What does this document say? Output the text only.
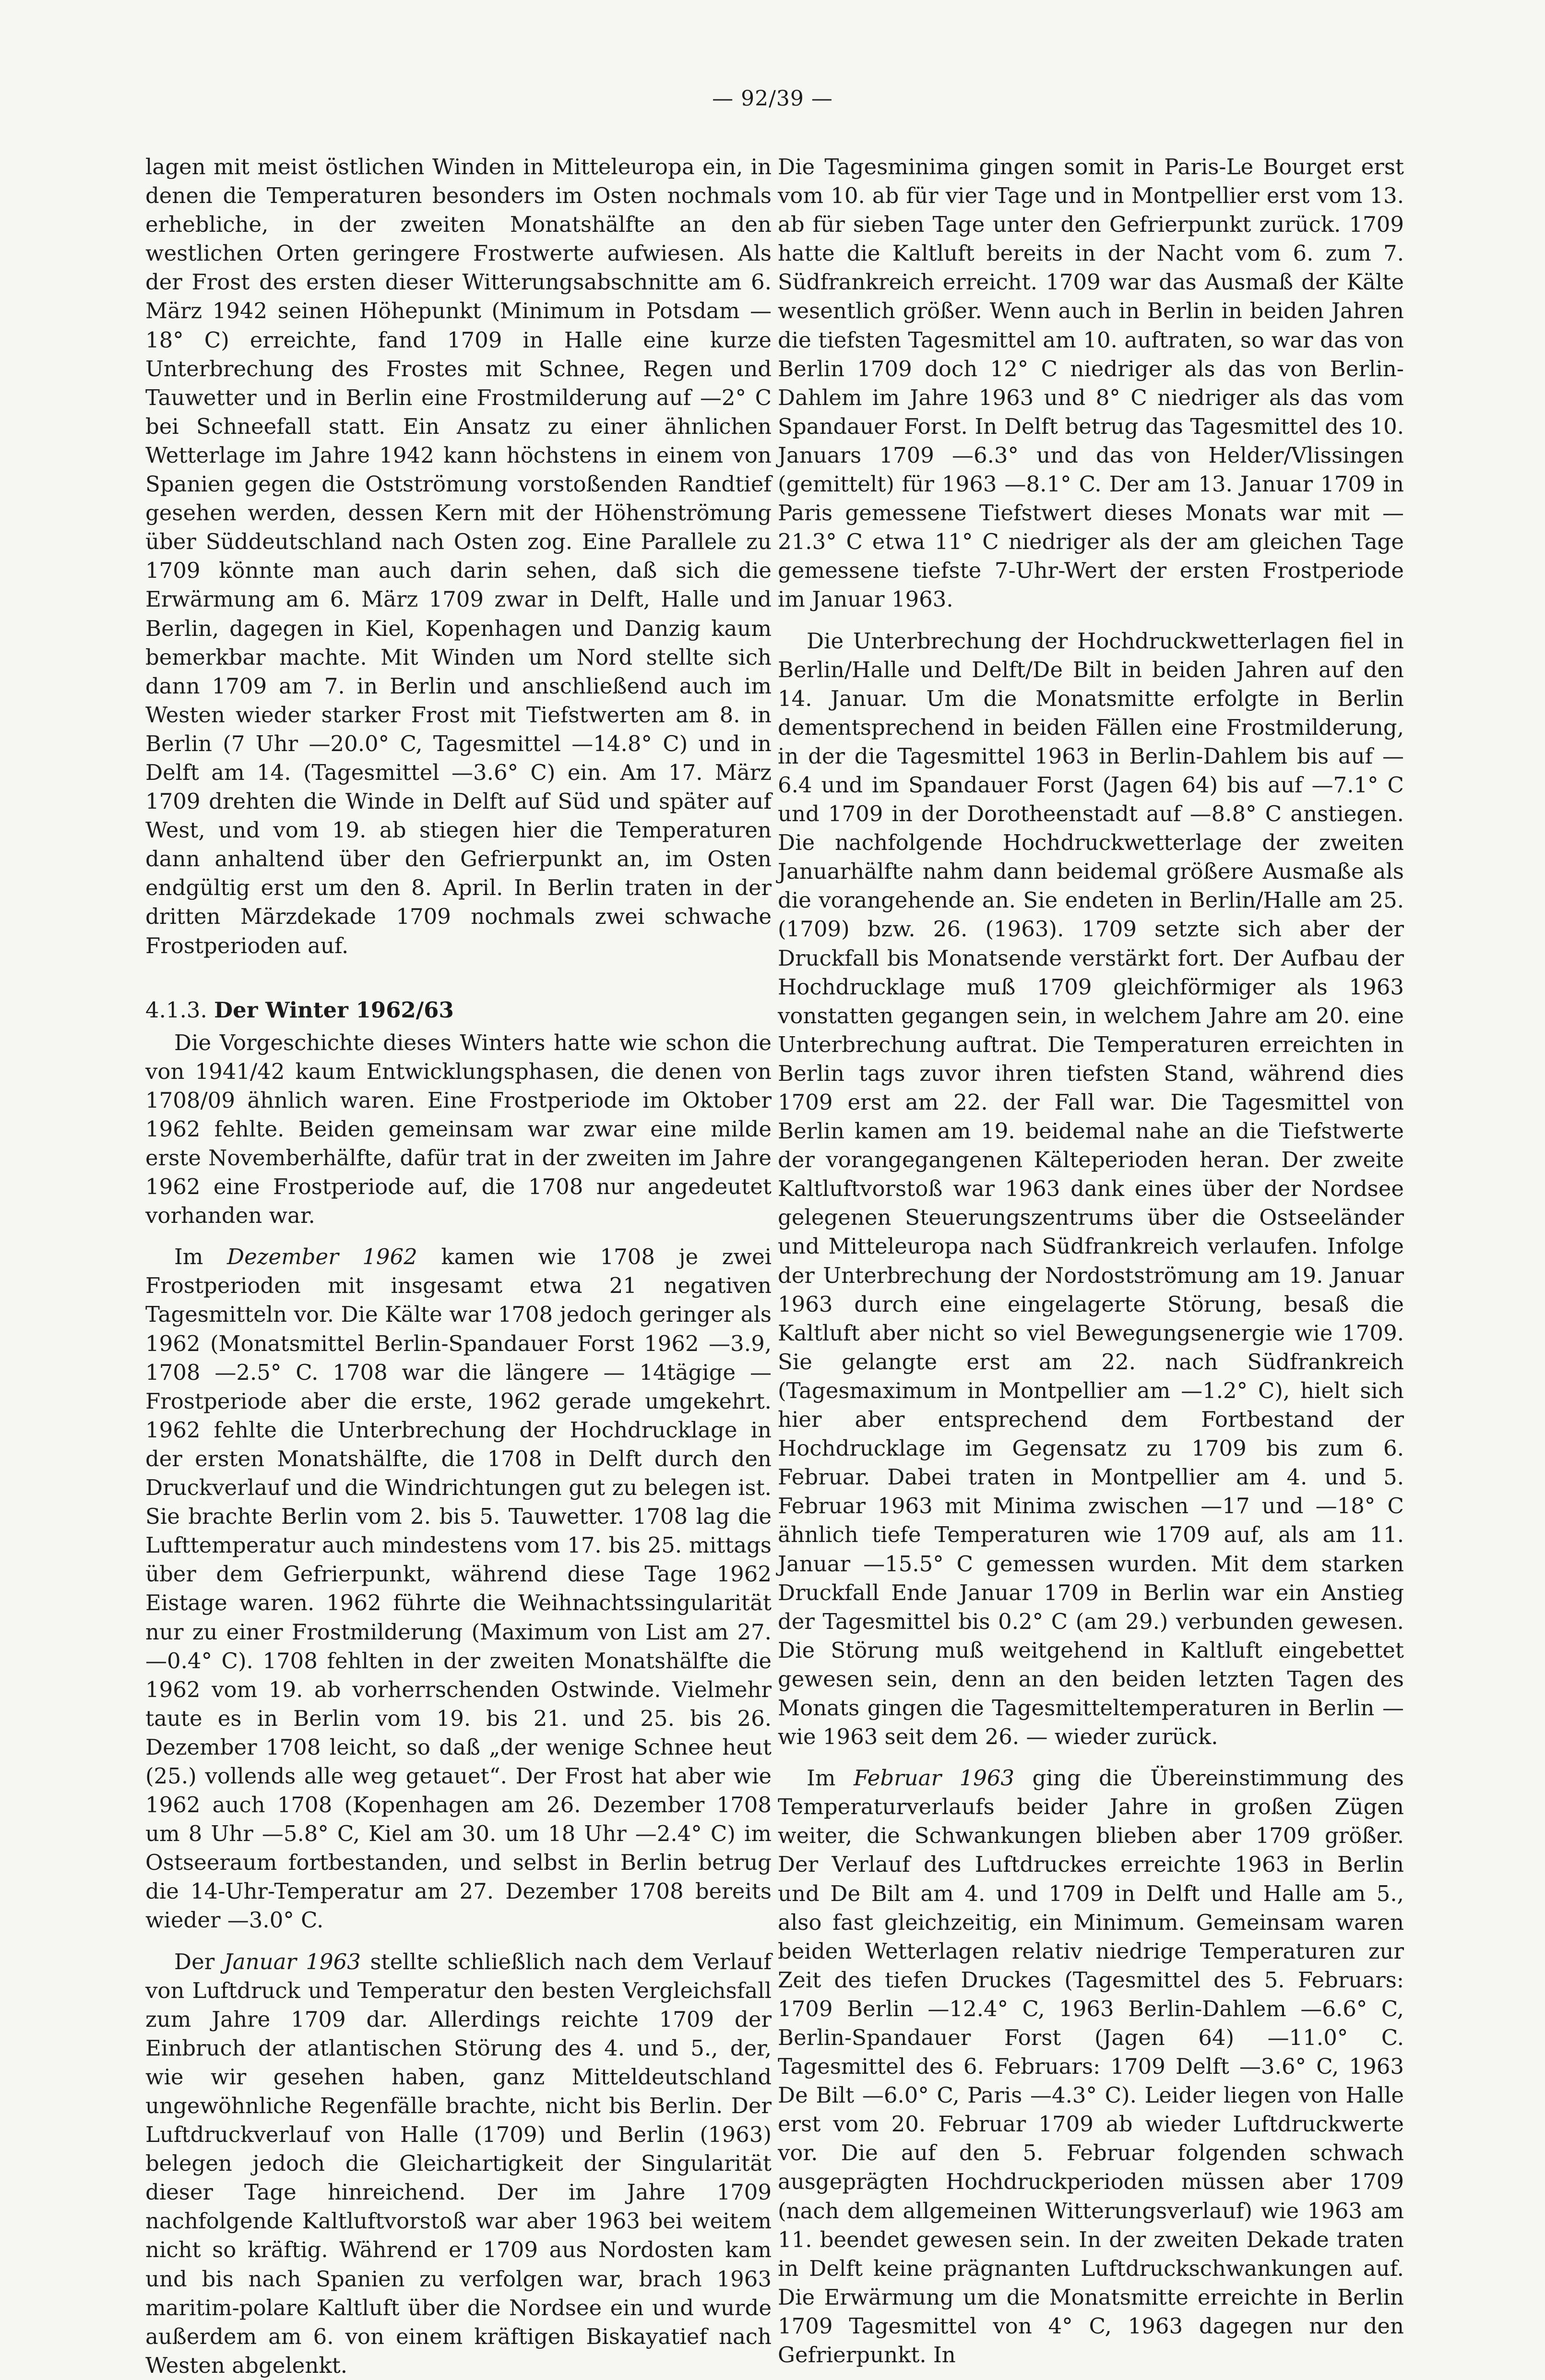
— 92/39 —

lagen mit meist östlichen Winden in Mitteleuropa ein, in denen die Temperaturen besonders im Osten nochmals erhebliche, in der zweiten Monatshälfte an den westlichen Orten geringere Frostwerte aufwiesen. Als der Frost des ersten dieser Witterungsabschnitte am 6. März 1942 seinen Höhepunkt (Minimum in Potsdam —18° C) erreichte, fand 1709 in Halle eine kurze Unterbrechung des Frostes mit Schnee, Regen und Tauwetter und in Berlin eine Frostmilderung auf —2° C bei Schneefall statt. Ein Ansatz zu einer ähnlichen Wetterlage im Jahre 1942 kann höchstens in einem von Spanien gegen die Ostströmung vorstoßenden Randtief gesehen werden, dessen Kern mit der Höhenströmung über Süddeutschland nach Osten zog. Eine Parallele zu 1709 könnte man auch darin sehen, daß sich die Erwärmung am 6. März 1709 zwar in Delft, Halle und Berlin, dagegen in Kiel, Kopenhagen und Danzig kaum bemerkbar machte. Mit Winden um Nord stellte sich dann 1709 am 7. in Berlin und anschließend auch im Westen wieder starker Frost mit Tiefstwerten am 8. in Berlin (7 Uhr —20.0° C, Tagesmittel —14.8° C) und in Delft am 14. (Tagesmittel —3.6° C) ein. Am 17. März 1709 drehten die Winde in Delft auf Süd und später auf West, und vom 19. ab stiegen hier die Temperaturen dann anhaltend über den Gefrierpunkt an, im Osten endgültig erst um den 8. April. In Berlin traten in der dritten Märzdekade 1709 nochmals zwei schwache Frostperioden auf.

4.1.3. Der Winter 1962/63

Die Vorgeschichte dieses Winters hatte wie schon die von 1941/42 kaum Entwicklungsphasen, die denen von 1708/09 ähnlich waren. Eine Frostperiode im Oktober 1962 fehlte. Beiden gemeinsam war zwar eine milde erste Novemberhälfte, dafür trat in der zweiten im Jahre 1962 eine Frostperiode auf, die 1708 nur angedeutet vorhanden war.

Im Dezember 1962 kamen wie 1708 je zwei Frostperioden mit insgesamt etwa 21 negativen Tagesmitteln vor. Die Kälte war 1708 jedoch geringer als 1962 (Monatsmittel Berlin-Spandauer Forst 1962 —3.9, 1708 —2.5° C. 1708 war die längere — 14tägige — Frostperiode aber die erste, 1962 gerade umgekehrt. 1962 fehlte die Unterbrechung der Hochdrucklage in der ersten Monatshälfte, die 1708 in Delft durch den Druckverlauf und die Windrichtungen gut zu belegen ist. Sie brachte Berlin vom 2. bis 5. Tauwetter. 1708 lag die Lufttemperatur auch mindestens vom 17. bis 25. mittags über dem Gefrierpunkt, während diese Tage 1962 Eistage waren. 1962 führte die Weihnachtssingularität nur zu einer Frostmilderung (Maximum von List am 27. —0.4° C). 1708 fehlten in der zweiten Monatshälfte die 1962 vom 19. ab vorherrschenden Ostwinde. Vielmehr taute es in Berlin vom 19. bis 21. und 25. bis 26. Dezember 1708 leicht, so daß „der wenige Schnee heut (25.) vollends alle weg getauet“. Der Frost hat aber wie 1962 auch 1708 (Kopenhagen am 26. Dezember 1708 um 8 Uhr —5.8° C, Kiel am 30. um 18 Uhr —2.4° C) im Ostseeraum fortbestanden, und selbst in Berlin betrug die 14-Uhr-Temperatur am 27. Dezember 1708 bereits wieder —3.0° C.

Der Januar 1963 stellte schließlich nach dem Verlauf von Luftdruck und Temperatur den besten Vergleichsfall zum Jahre 1709 dar. Allerdings reichte 1709 der Einbruch der atlantischen Störung des 4. und 5., der, wie wir gesehen haben, ganz Mitteldeutschland ungewöhnliche Regenfälle brachte, nicht bis Berlin. Der Luftdruckverlauf von Halle (1709) und Berlin (1963) belegen jedoch die Gleichartigkeit der Singularität dieser Tage hinreichend. Der im Jahre 1709 nachfolgende Kaltluftvorstoß war aber 1963 bei weitem nicht so kräftig. Während er 1709 aus Nordosten kam und bis nach Spanien zu verfolgen war, brach 1963 maritim-polare Kaltluft über die Nordsee ein und wurde außerdem am 6. von einem kräftigen Biskayatief nach Westen abgelenkt.

Die Tagesminima gingen somit in Paris-Le Bourget erst vom 10. ab für vier Tage und in Montpellier erst vom 13. ab für sieben Tage unter den Gefrierpunkt zurück. 1709 hatte die Kaltluft bereits in der Nacht vom 6. zum 7. Südfrankreich erreicht. 1709 war das Ausmaß der Kälte wesentlich größer. Wenn auch in Berlin in beiden Jahren die tiefsten Tagesmittel am 10. auftraten, so war das von Berlin 1709 doch 12° C niedriger als das von Berlin-Dahlem im Jahre 1963 und 8° C niedriger als das vom Spandauer Forst. In Delft betrug das Tagesmittel des 10. Januars 1709 —6.3° und das von Helder/Vlissingen (gemittelt) für 1963 —8.1° C. Der am 13. Januar 1709 in Paris gemessene Tiefstwert dieses Monats war mit —21.3° C etwa 11° C niedriger als der am gleichen Tage gemessene tiefste 7-Uhr-Wert der ersten Frostperiode im Januar 1963.

Die Unterbrechung der Hochdruckwetterlagen fiel in Berlin/Halle und Delft/De Bilt in beiden Jahren auf den 14. Januar. Um die Monatsmitte erfolgte in Berlin dementsprechend in beiden Fällen eine Frostmilderung, in der die Tagesmittel 1963 in Berlin-Dahlem bis auf —6.4 und im Spandauer Forst (Jagen 64) bis auf —7.1° C und 1709 in der Dorotheenstadt auf —8.8° C anstiegen. Die nachfolgende Hochdruckwetterlage der zweiten Januarhälfte nahm dann beidemal größere Ausmaße als die vorangehende an. Sie endeten in Berlin/Halle am 25. (1709) bzw. 26. (1963). 1709 setzte sich aber der Druckfall bis Monatsende verstärkt fort. Der Aufbau der Hochdrucklage muß 1709 gleichförmiger als 1963 vonstatten gegangen sein, in welchem Jahre am 20. eine Unterbrechung auftrat. Die Temperaturen erreichten in Berlin tags zuvor ihren tiefsten Stand, während dies 1709 erst am 22. der Fall war. Die Tagesmittel von Berlin kamen am 19. beidemal nahe an die Tiefstwerte der vorangegangenen Kälteperioden heran. Der zweite Kaltluftvorstoß war 1963 dank eines über der Nordsee gelegenen Steuerungszentrums über die Ostseeländer und Mitteleuropa nach Südfrankreich verlaufen. Infolge der Unterbrechung der Nordostströmung am 19. Januar 1963 durch eine eingelagerte Störung, besaß die Kaltluft aber nicht so viel Bewegungsenergie wie 1709. Sie gelangte erst am 22. nach Südfrankreich (Tagesmaximum in Montpellier am —1.2° C), hielt sich hier aber entsprechend dem Fortbestand der Hochdrucklage im Gegensatz zu 1709 bis zum 6. Februar. Dabei traten in Montpellier am 4. und 5. Februar 1963 mit Minima zwischen —17 und —18° C ähnlich tiefe Temperaturen wie 1709 auf, als am 11. Januar —15.5° C gemessen wurden. Mit dem starken Druckfall Ende Januar 1709 in Berlin war ein Anstieg der Tagesmittel bis 0.2° C (am 29.) verbunden gewesen. Die Störung muß weitgehend in Kaltluft eingebettet gewesen sein, denn an den beiden letzten Tagen des Monats gingen die Tagesmitteltemperaturen in Berlin — wie 1963 seit dem 26. — wieder zurück.

Im Februar 1963 ging die Übereinstimmung des Temperaturverlaufs beider Jahre in großen Zügen weiter, die Schwankungen blieben aber 1709 größer. Der Verlauf des Luftdruckes erreichte 1963 in Berlin und De Bilt am 4. und 1709 in Delft und Halle am 5., also fast gleichzeitig, ein Minimum. Gemeinsam waren beiden Wetterlagen relativ niedrige Temperaturen zur Zeit des tiefen Druckes (Tagesmittel des 5. Februars: 1709 Berlin —12.4° C, 1963 Berlin-Dahlem —6.6° C, Berlin-Spandauer Forst (Jagen 64) —11.0° C. Tagesmittel des 6. Februars: 1709 Delft —3.6° C, 1963 De Bilt —6.0° C, Paris —4.3° C). Leider liegen von Halle erst vom 20. Februar 1709 ab wieder Luftdruckwerte vor. Die auf den 5. Februar folgenden schwach ausgeprägten Hochdruckperioden müssen aber 1709 (nach dem allgemeinen Witterungsverlauf) wie 1963 am 11. beendet gewesen sein. In der zweiten Dekade traten in Delft keine prägnanten Luftdruckschwankungen auf. Die Erwärmung um die Monatsmitte erreichte in Berlin 1709 Tagesmittel von 4° C, 1963 dagegen nur den Gefrierpunkt. In
